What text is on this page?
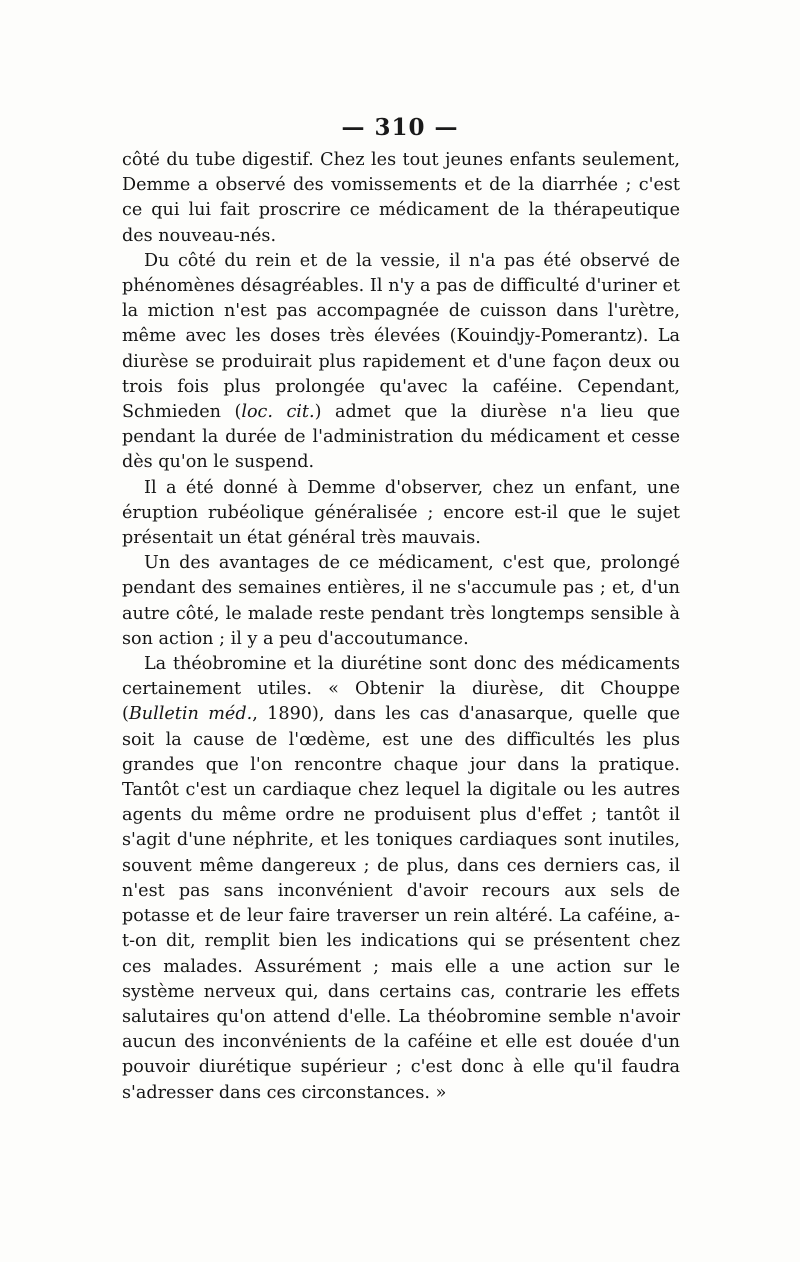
— 310 —

côté du tube digestif. Chez les tout jeunes enfants seulement, Demme a observé des vomissements et de la diarrhée ; c'est ce qui lui fait proscrire ce médicament de la thérapeutique des nouveau-nés.

Du côté du rein et de la vessie, il n'a pas été observé de phénomènes désagréables. Il n'y a pas de difficulté d'uriner et la miction n'est pas accompagnée de cuisson dans l'urètre, même avec les doses très élevées (Kouindjy-Pomerantz). La diurèse se produirait plus rapidement et d'une façon deux ou trois fois plus prolongée qu'avec la caféine. Cependant, Schmieden (loc. cit.) admet que la diurèse n'a lieu que pendant la durée de l'administration du médicament et cesse dès qu'on le suspend.

Il a été donné à Demme d'observer, chez un enfant, une éruption rubéolique généralisée ; encore est-il que le sujet présentait un état général très mauvais.

Un des avantages de ce médicament, c'est que, prolongé pendant des semaines entières, il ne s'accumule pas ; et, d'un autre côté, le malade reste pendant très longtemps sensible à son action ; il y a peu d'accoutumance.

La théobromine et la diurétine sont donc des médicaments certainement utiles. « Obtenir la diurèse, dit Chouppe (Bulletin méd., 1890), dans les cas d'anasarque, quelle que soit la cause de l'œdème, est une des difficultés les plus grandes que l'on rencontre chaque jour dans la pratique. Tantôt c'est un cardiaque chez lequel la digitale ou les autres agents du même ordre ne produisent plus d'effet ; tantôt il s'agit d'une néphrite, et les toniques cardiaques sont inutiles, souvent même dangereux ; de plus, dans ces derniers cas, il n'est pas sans inconvénient d'avoir recours aux sels de potasse et de leur faire traverser un rein altéré. La caféine, a-t-on dit, remplit bien les indications qui se présentent chez ces malades. Assurément ; mais elle a une action sur le système nerveux qui, dans certains cas, contrarie les effets salutaires qu'on attend d'elle. La théobromine semble n'avoir aucun des inconvénients de la caféine et elle est douée d'un pouvoir diurétique supérieur ; c'est donc à elle qu'il faudra s'adresser dans ces circonstances. »
